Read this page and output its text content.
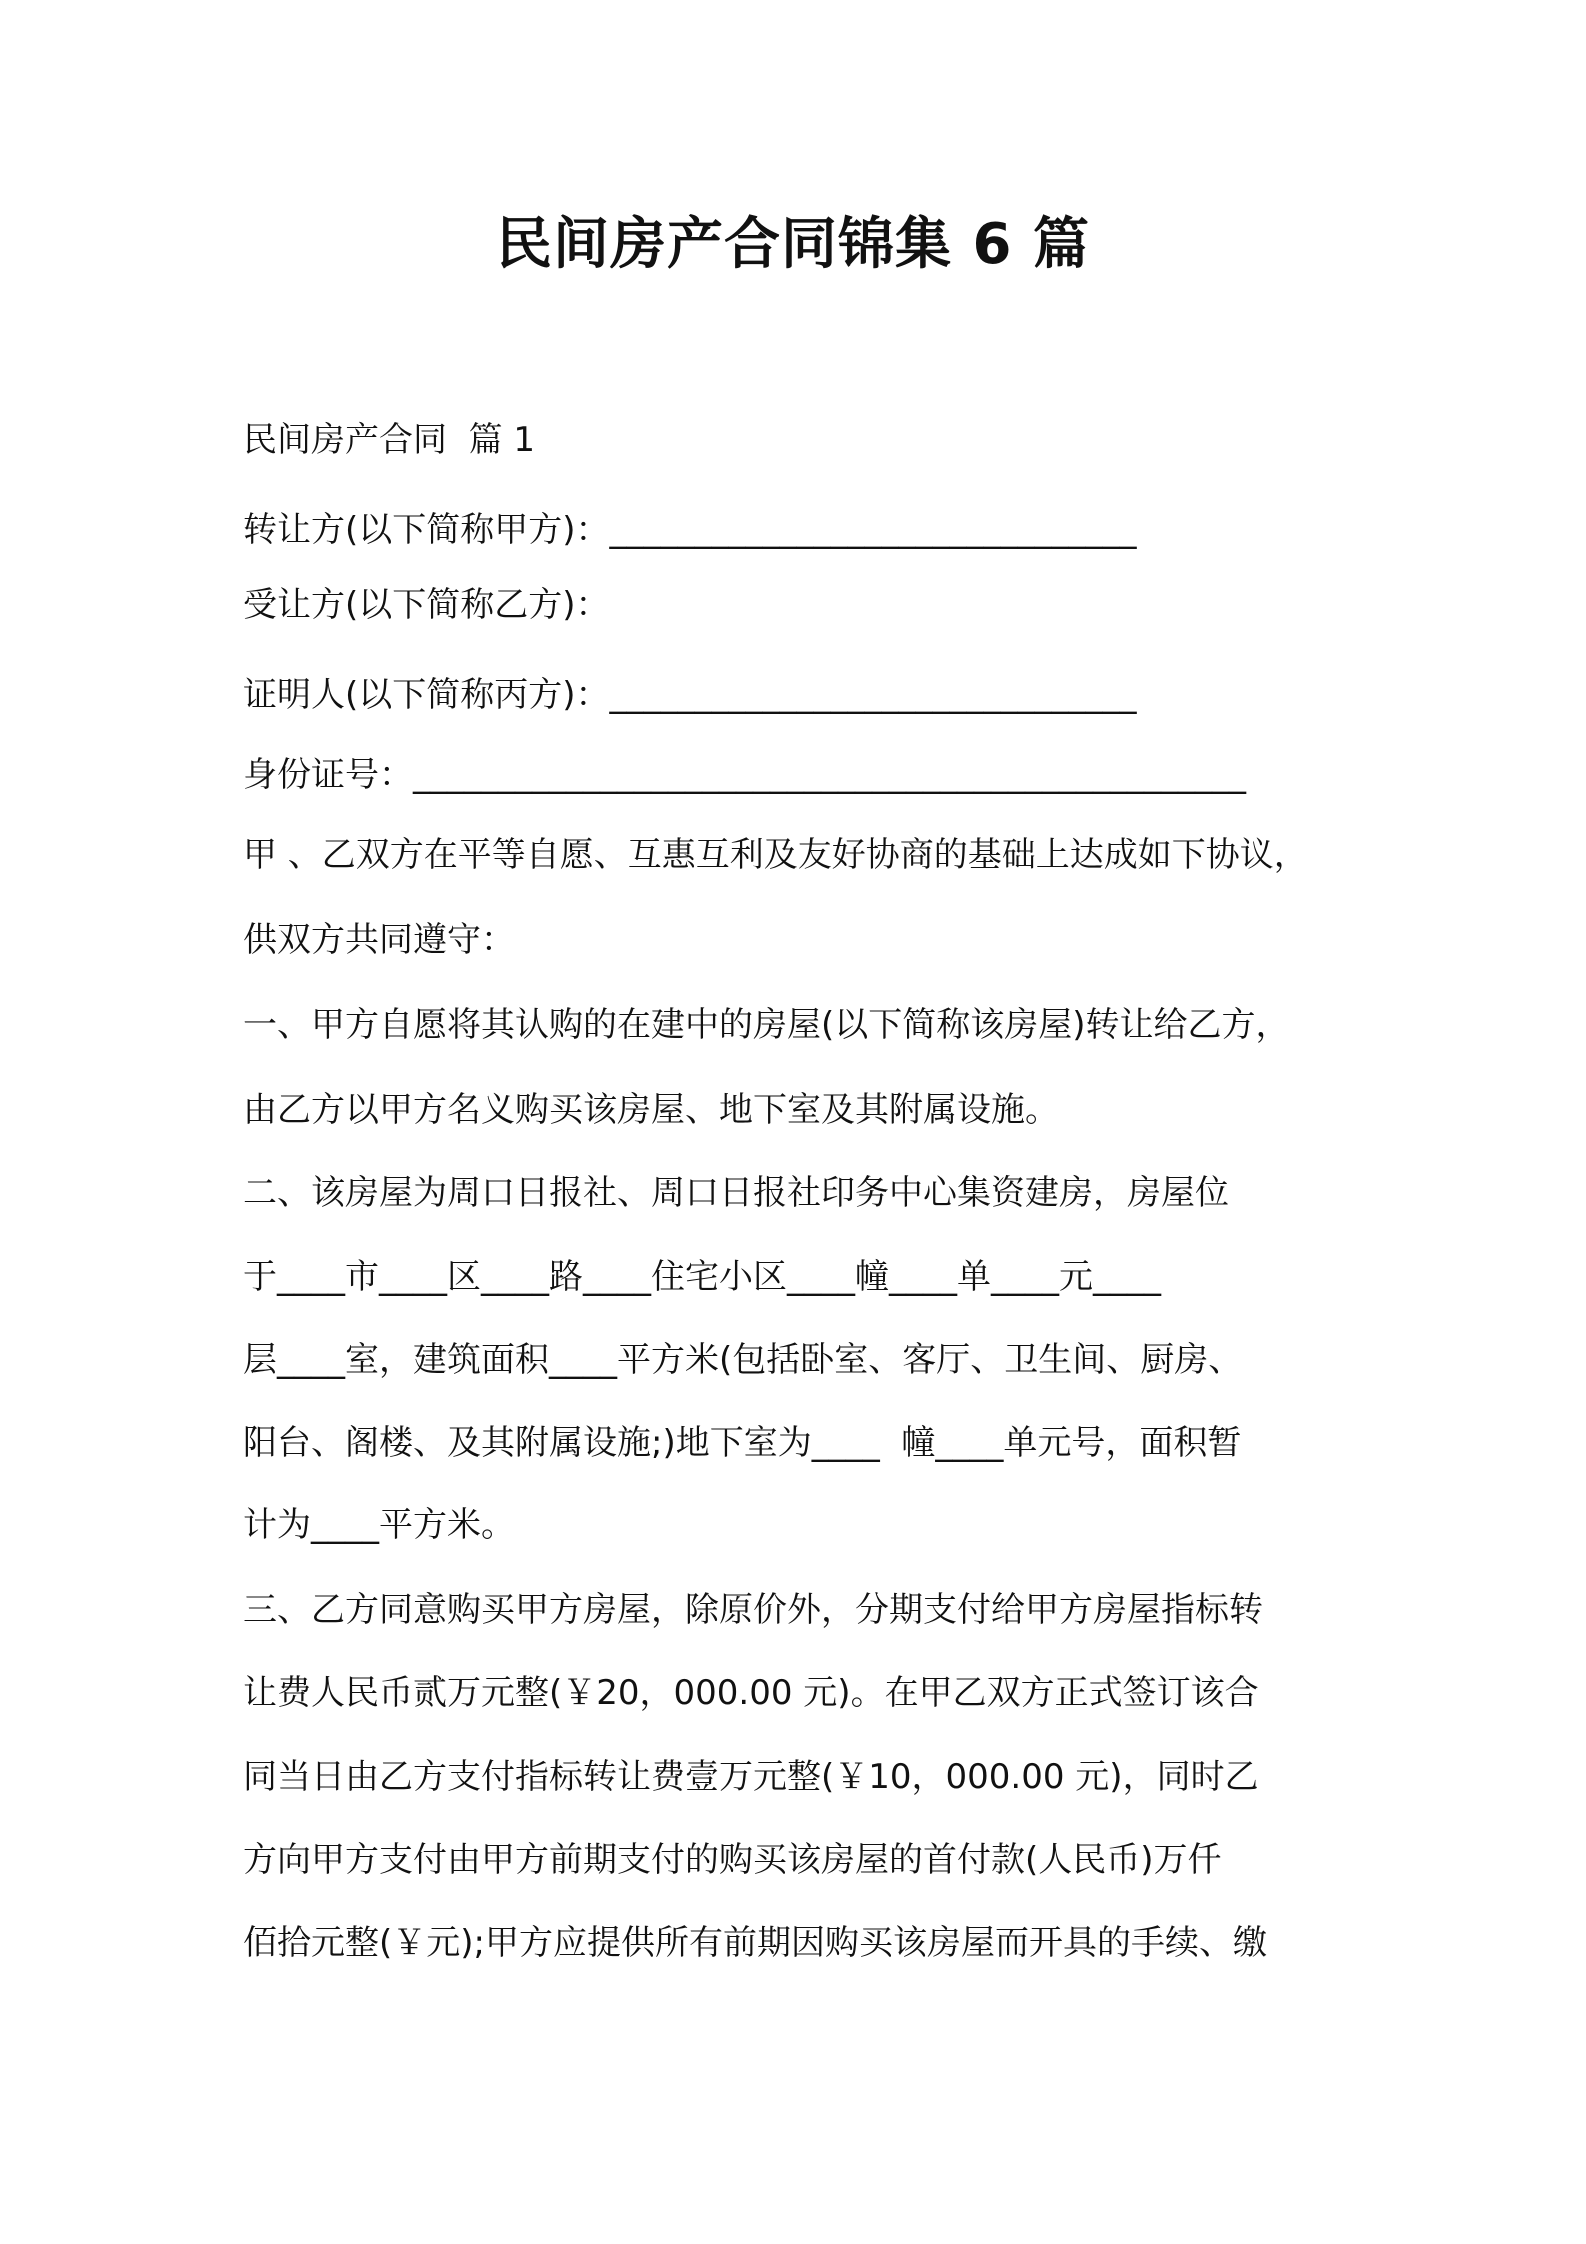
民间房产合同锦集 6 篇

民间房产合同  篇 1

转让方(以下简称甲方)：_______________________________

受让方(以下简称乙方)：

证明人(以下简称丙方)：_______________________________

身份证号：_________________________________________________

甲 、乙双方在平等自愿、互惠互利及友好协商的基础上达成如下协议，

供双方共同遵守：

一、甲方自愿将其认购的在建中的房屋(以下简称该房屋)转让给乙方，

由乙方以甲方名义购买该房屋、地下室及其附属设施。

二、该房屋为周口日报社、周口日报社印务中心集资建房，房屋位

于____市____区____路____住宅小区____幢____单____元____

层____室，建筑面积____平方米(包括卧室、客厅、卫生间、厨房、

阳台、阁楼、及其附属设施;)地下室为____  幢____单元号，面积暂

计为____平方米。

三、乙方同意购买甲方房屋，除原价外，分期支付给甲方房屋指标转

让费人民币贰万元整(￥20，000.00 元)。在甲乙双方正式签订该合

同当日由乙方支付指标转让费壹万元整(￥10，000.00 元)，同时乙

方向甲方支付由甲方前期支付的购买该房屋的首付款(人民币)万仟

佰拾元整(￥元);甲方应提供所有前期因购买该房屋而开具的手续、缴
